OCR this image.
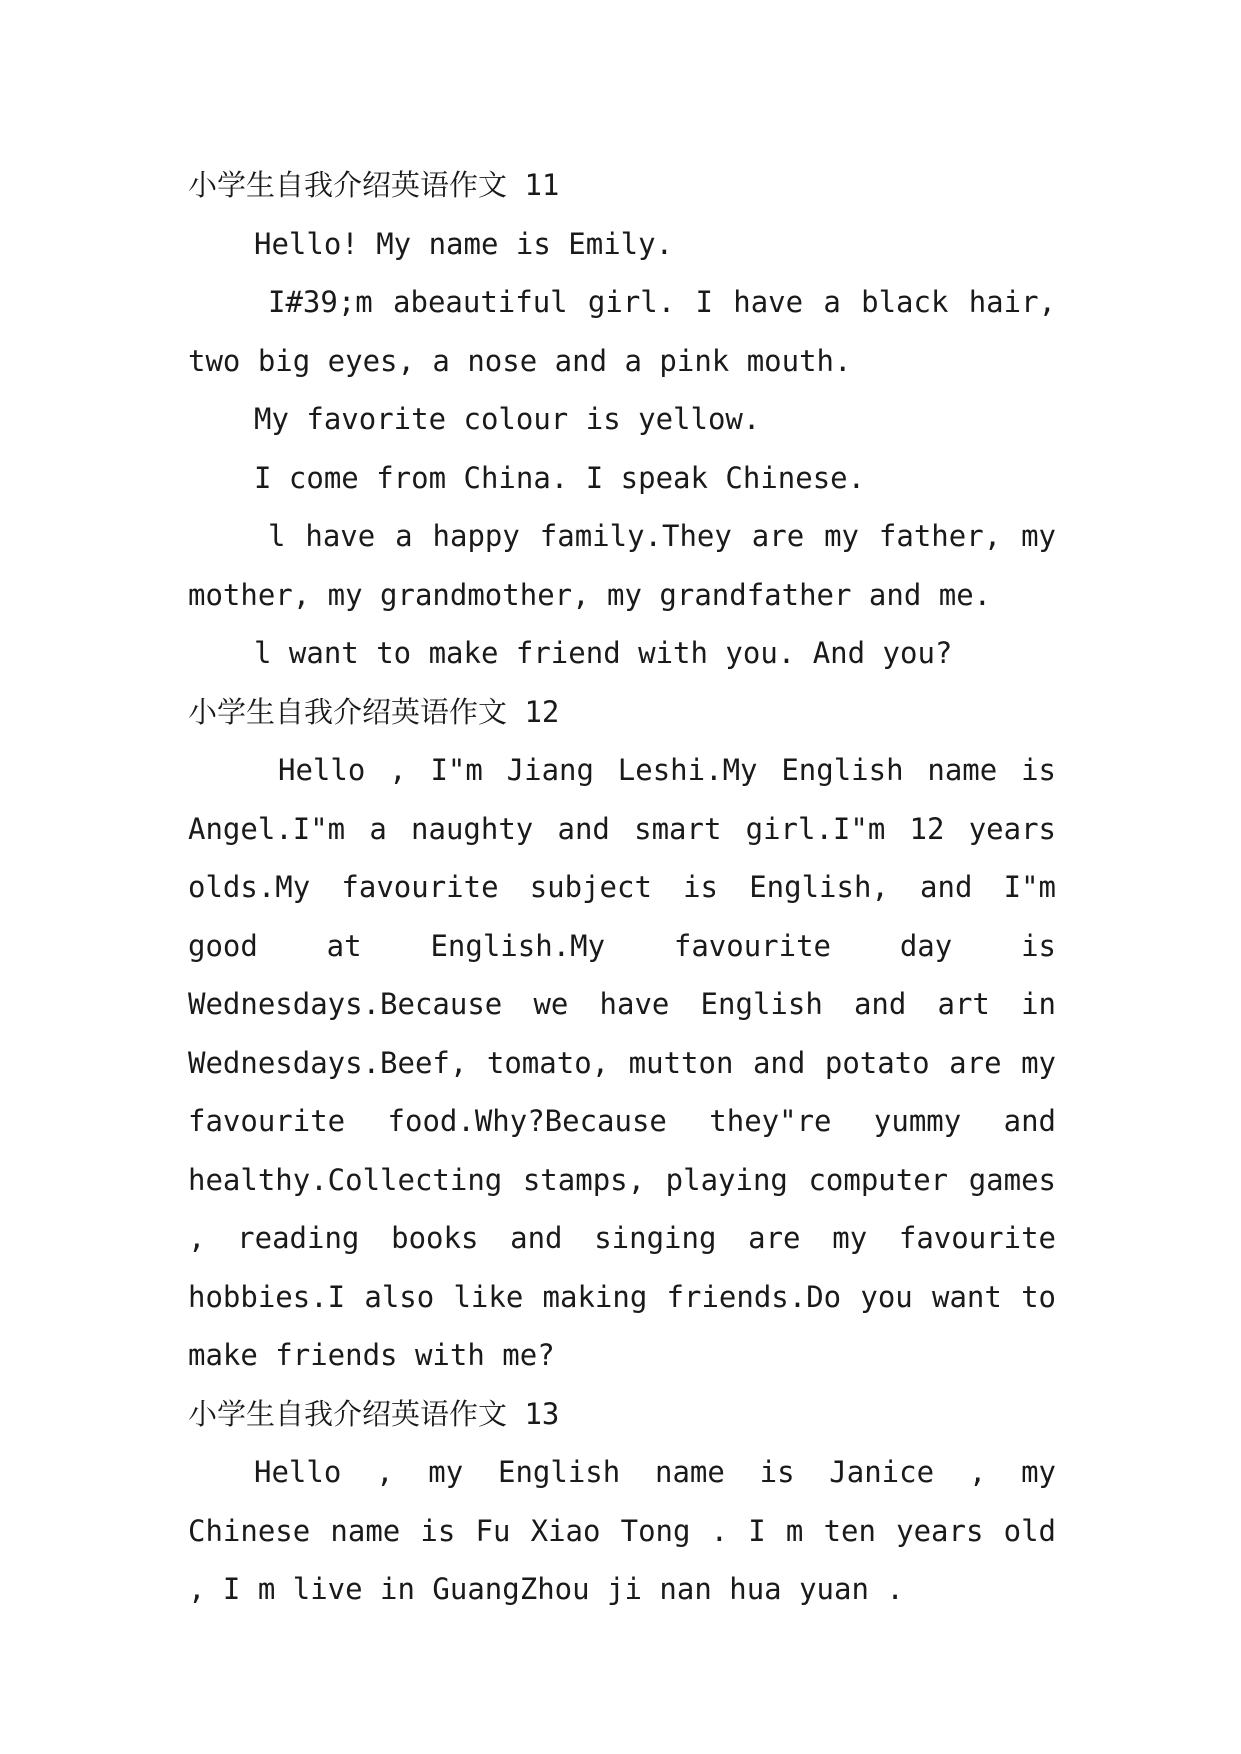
小学生自我介绍英语作文 11

Hello! My name is Emily.

I#39;m abeautiful girl. I have a black hair, two big eyes, a nose and a pink mouth.

My favorite colour is yellow.

I come from China. I speak Chinese.

l have a happy family.They are my father, my mother, my grandmother, my grandfather and me.

l want to make friend with you. And you?

小学生自我介绍英语作文 12

Hello , I"m Jiang Leshi.My English name is Angel.I"m a naughty and smart girl.I"m 12 years olds.My favourite subject is English, and I"m good at English.My favourite day is Wednesdays.Because we have English and art in Wednesdays.Beef, tomato, mutton and potato are my favourite food.Why?Because they"re yummy and healthy.Collecting stamps, playing computer games , reading books and singing are my favourite hobbies.I also like making friends.Do you want to make friends with me?

小学生自我介绍英语作文 13

Hello , my English name is Janice , my Chinese name is Fu Xiao Tong . I m ten years old , I m live in GuangZhou ji nan hua yuan .
